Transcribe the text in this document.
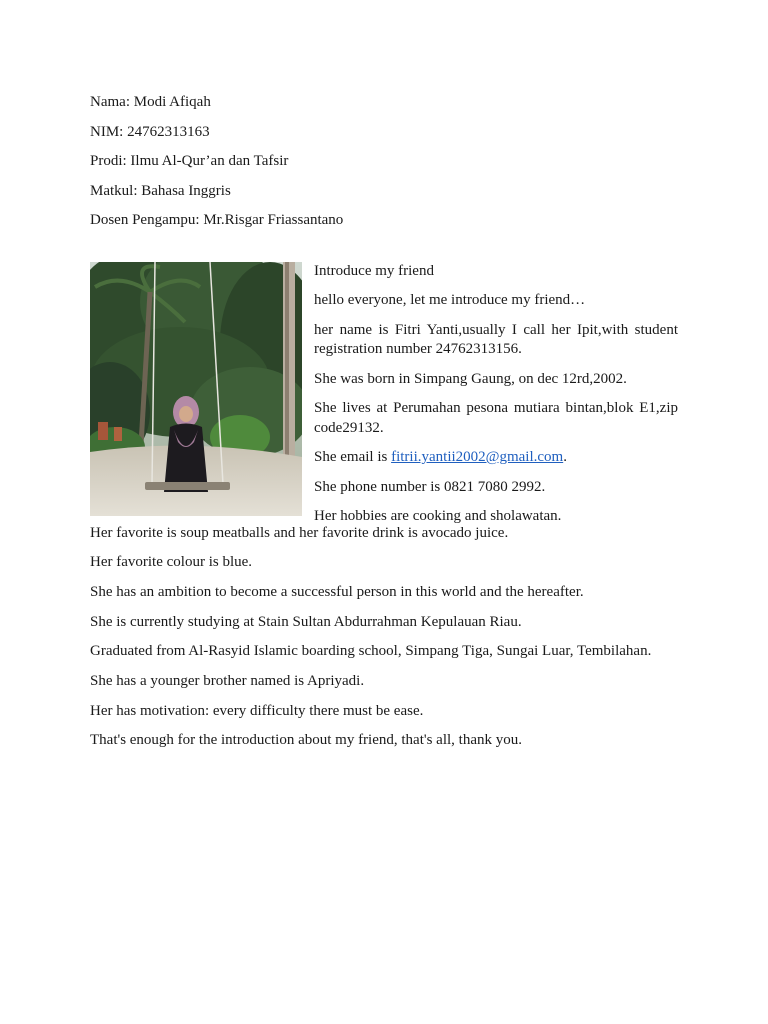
Nama: Modi Afiqah

NIM: 24762313163

Prodi: Ilmu Al-Qur’an dan Tafsir

Matkul: Bahasa Inggris

Dosen Pengampu: Mr.Risgar Friassantano

Introduce my friend

hello everyone, let me introduce my friend…

her name is Fitri Yanti,usually I call her Ipit,with student registration number 24762313156.

She was born in Simpang Gaung, on dec 12rd,2002.

She lives at Perumahan pesona mutiara bintan,blok E1,zip code29132.

She email is fitrii.yantii2002@gmail.com.

She phone number is 0821 7080 2992.

Her hobbies are cooking and sholawatan.

Her favorite is soup meatballs and her favorite drink is avocado juice.

Her favorite colour is blue.

She has an ambition to become a successful person in this world and the hereafter.

She is currently studying at Stain Sultan Abdurrahman Kepulauan Riau.

Graduated from Al-Rasyid Islamic boarding school, Simpang Tiga, Sungai Luar, Tembilahan.

She has a younger brother named is Apriyadi.

Her has motivation: every difficulty there must be ease.

That's enough for the introduction about my friend, that's all, thank you.
